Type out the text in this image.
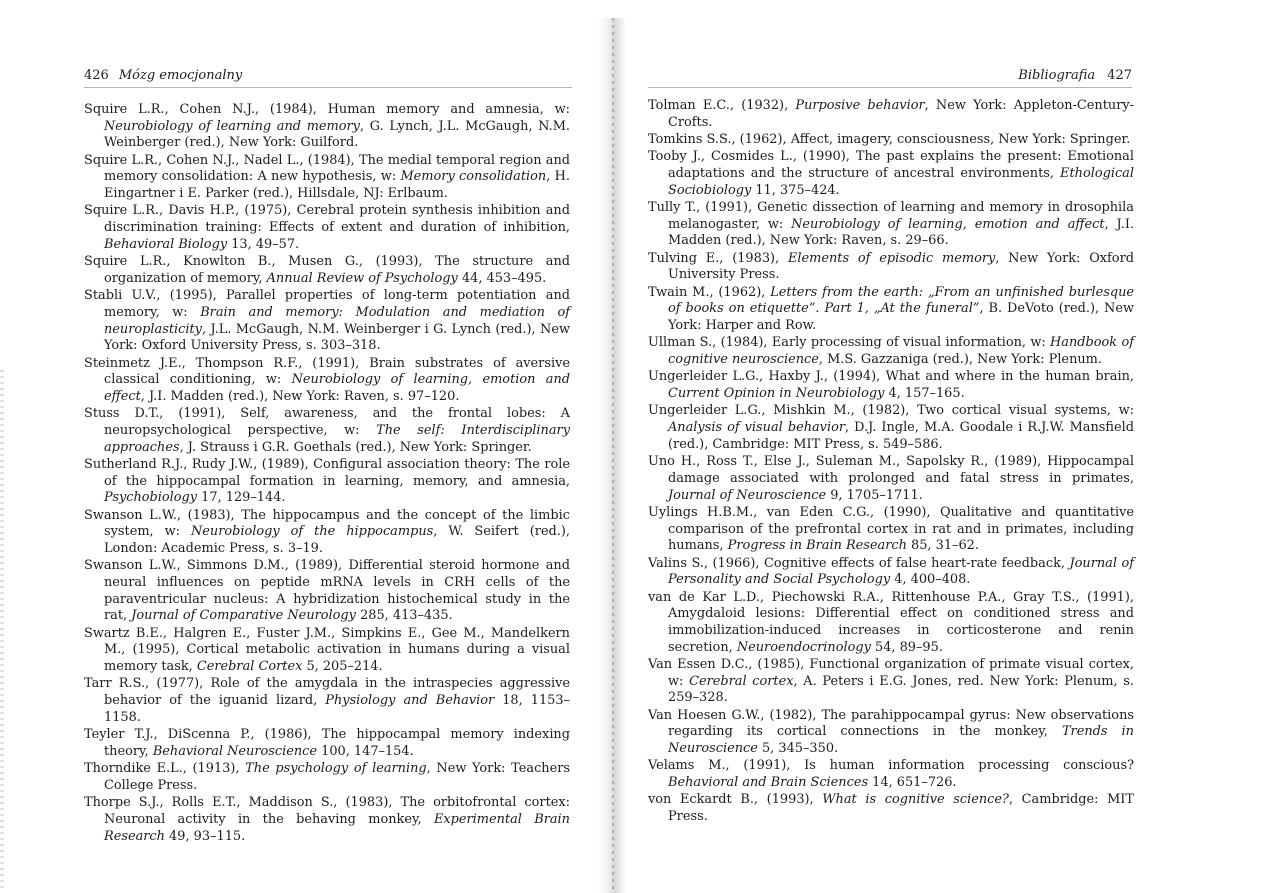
426 Mózg emocjonalny
Squire L.R., Cohen N.J., (1984), Human memory and amnesia, w: Neurobiology of learning and memory, G. Lynch, J.L. McGaugh, N.M. Weinberger (red.), New York: Guilford.
Squire L.R., Cohen N.J., Nadel L., (1984), The medial temporal region and memory consolidation: A new hypothesis, w: Memory consolidation, H. Eingartner i E. Parker (red.), Hillsdale, NJ: Erlbaum.
Squire L.R., Davis H.P., (1975), Cerebral protein synthesis inhibition and discrimination training: Effects of extent and duration of inhibition, Behavioral Biology 13, 49–57.
Squire L.R., Knowlton B., Musen G., (1993), The structure and organization of memory, Annual Review of Psychology 44, 453–495.
Stabli U.V., (1995), Parallel properties of long-term potentiation and memory, w: Brain and memory: Modulation and mediation of neuroplasticity, J.L. McGaugh, N.M. Weinberger i G. Lynch (red.), New York: Oxford University Press, s. 303–318.
Steinmetz J.E., Thompson R.F., (1991), Brain substrates of aversive classical conditioning, w: Neurobiology of learning, emotion and effect, J.I. Madden (red.), New York: Raven, s. 97–120.
Stuss D.T., (1991), Self, awareness, and the frontal lobes: A neuropsychological perspective, w: The self: Interdisciplinary approaches, J. Strauss i G.R. Goethals (red.), New York: Springer.
Sutherland R.J., Rudy J.W., (1989), Configural association theory: The role of the hippocampal formation in learning, memory, and amnesia, Psychobiology 17, 129–144.
Swanson L.W., (1983), The hippocampus and the concept of the limbic system, w: Neurobiology of the hippocampus, W. Seifert (red.), London: Academic Press, s. 3–19.
Swanson L.W., Simmons D.M., (1989), Differential steroid hormone and neural influences on peptide mRNA levels in CRH cells of the paraventricular nucleus: A hybridization histochemical study in the rat, Journal of Comparative Neurology 285, 413–435.
Swartz B.E., Halgren E., Fuster J.M., Simpkins E., Gee M., Mandelkern M., (1995), Cortical metabolic activation in humans during a visual memory task, Cerebral Cortex 5, 205–214.
Tarr R.S., (1977), Role of the amygdala in the intraspecies aggressive behavior of the iguanid lizard, Physiology and Behavior 18, 1153–1158.
Teyler T.J., DiScenna P., (1986), The hippocampal memory indexing theory, Behavioral Neuroscience 100, 147–154.
Thorndike E.L., (1913), The psychology of learning, New York: Teachers College Press.
Thorpe S.J., Rolls E.T., Maddison S., (1983), The orbitofrontal cortex: Neuronal activity in the behaving monkey, Experimental Brain Research 49, 93–115.
Bibliografia 427
Tolman E.C., (1932), Purposive behavior, New York: Appleton-Century-Crofts.
Tomkins S.S., (1962), Affect, imagery, consciousness, New York: Springer.
Tooby J., Cosmides L., (1990), The past explains the present: Emotional adaptations and the structure of ancestral environments, Ethological Sociobiology 11, 375–424.
Tully T., (1991), Genetic dissection of learning and memory in drosophila melanogaster, w: Neurobiology of learning, emotion and affect, J.I. Madden (red.), New York: Raven, s. 29–66.
Tulving E., (1983), Elements of episodic memory, New York: Oxford University Press.
Twain M., (1962), Letters from the earth: „From an unfinished burlesque of books on etiquette”. Part 1, „At the funeral”, B. DeVoto (red.), New York: Harper and Row.
Ullman S., (1984), Early processing of visual information, w: Handbook of cognitive neuroscience, M.S. Gazzaniga (red.), New York: Plenum.
Ungerleider L.G., Haxby J., (1994), What and where in the human brain, Current Opinion in Neurobiology 4, 157–165.
Ungerleider L.G., Mishkin M., (1982), Two cortical visual systems, w: Analysis of visual behavior, D.J. Ingle, M.A. Goodale i R.J.W. Mansfield (red.), Cambridge: MIT Press, s. 549–586.
Uno H., Ross T., Else J., Suleman M., Sapolsky R., (1989), Hippocampal damage associated with prolonged and fatal stress in primates, Journal of Neuroscience 9, 1705–1711.
Uylings H.B.M., van Eden C.G., (1990), Qualitative and quantitative comparison of the prefrontal cortex in rat and in primates, including humans, Progress in Brain Research 85, 31–62.
Valins S., (1966), Cognitive effects of false heart-rate feedback, Journal of Personality and Social Psychology 4, 400–408.
van de Kar L.D., Piechowski R.A., Rittenhouse P.A., Gray T.S., (1991), Amygdaloid lesions: Differential effect on conditioned stress and immobilization-induced increases in corticosterone and renin secretion, Neuroendocrinology 54, 89–95.
Van Essen D.C., (1985), Functional organization of primate visual cortex, w: Cerebral cortex, A. Peters i E.G. Jones, red. New York: Plenum, s. 259–328.
Van Hoesen G.W., (1982), The parahippocampal gyrus: New observations regarding its cortical connections in the monkey, Trends in Neuroscience 5, 345–350.
Velams M., (1991), Is human information processing conscious? Behavioral and Brain Sciences 14, 651–726.
von Eckardt B., (1993), What is cognitive science?, Cambridge: MIT Press.
